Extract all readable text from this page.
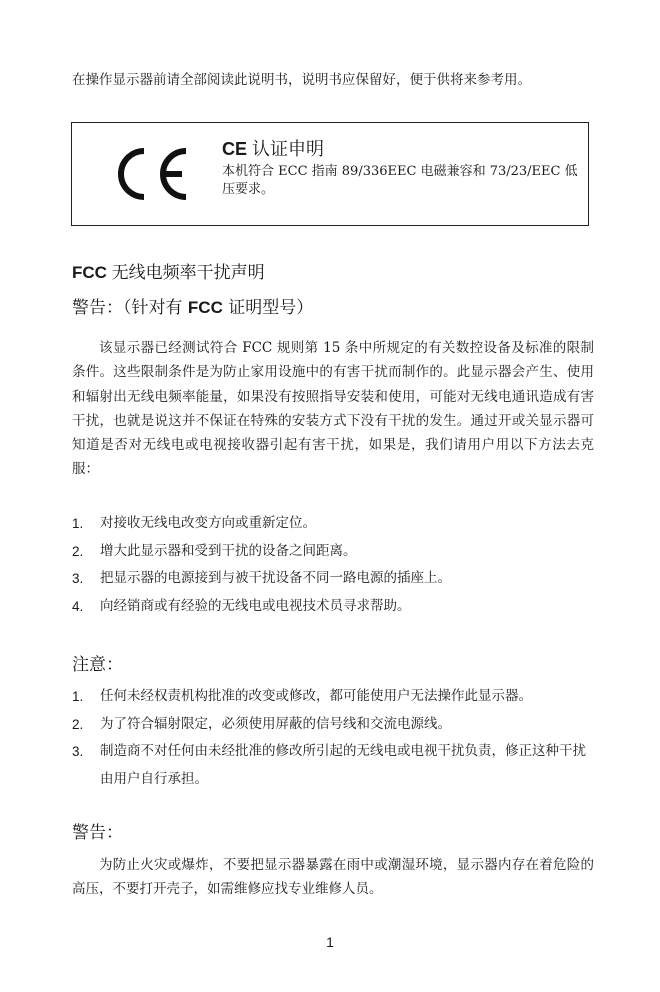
在操作显示器前请全部阅读此说明书，说明书应保留好，便于供将来参考用。
CE 认证申明
本机符合 ECC 指南 89/336EEC 电磁兼容和 73/23/EEC 低压要求。
FCC 无线电频率干扰声明
警告：（针对有 FCC 证明型号）
该显示器已经测试符合 FCC 规则第 15 条中所规定的有关数控设备及标准的限制条件。这些限制条件是为防止家用设施中的有害干扰而制作的。此显示器会产生、使用和辐射出无线电频率能量，如果没有按照指导安装和使用，可能对无线电通讯造成有害干扰，也就是说这并不保证在特殊的安装方式下没有干扰的发生。通过开或关显示器可知道是否对无线电或电视接收器引起有害干扰，如果是，我们请用户用以下方法去克服：
1. 对接收无线电改变方向或重新定位。
2. 增大此显示器和受到干扰的设备之间距离。
3. 把显示器的电源接到与被干扰设备不同一路电源的插座上。
4. 向经销商或有经验的无线电或电视技术员寻求帮助。
注意：
1. 任何未经权责机构批准的改变或修改，都可能使用户无法操作此显示器。
2. 为了符合辐射限定，必须使用屏蔽的信号线和交流电源线。
3. 制造商不对任何由未经批准的修改所引起的无线电或电视干扰负责，修正这种干扰由用户自行承担。
警告：
为防止火灾或爆炸，不要把显示器暴露在雨中或潮湿环境，显示器内存在着危险的高压，不要打开壳子，如需维修应找专业维修人员。
1
